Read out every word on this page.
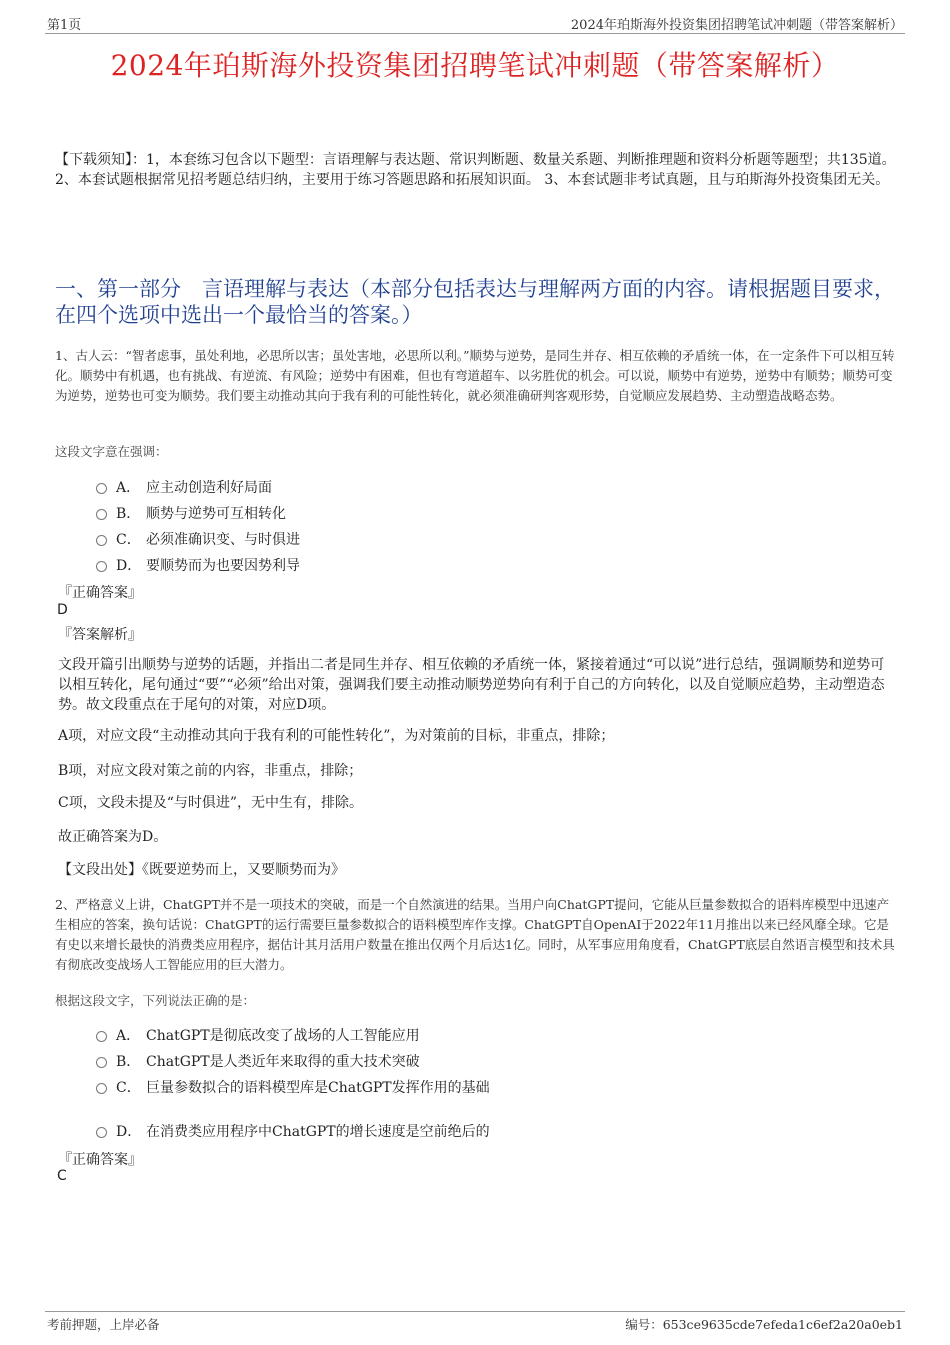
第1页	2024年珀斯海外投资集团招聘笔试冲刺题（带答案解析）
2024年珀斯海外投资集团招聘笔试冲刺题（带答案解析）
【下载须知】：1，本套练习包含以下题型：言语理解与表达题、常识判断题、数量关系题、判断推理题和资料分析题等题型；共135道。 2、本套试题根据常见招考题总结归纳，主要用于练习答题思路和拓展知识面。 3、本套试题非考试真题，且与珀斯海外投资集团无关。
一、第一部分　言语理解与表达（本部分包括表达与理解两方面的内容。请根据题目要求，在四个选项中选出一个最恰当的答案。）
1、古人云：“智者虑事，虽处利地，必思所以害；虽处害地，必思所以利。”顺势与逆势，是同生并存、相互依赖的矛盾统一体，在一定条件下可以相互转化。顺势中有机遇，也有挑战、有逆流、有风险；逆势中有困难，但也有弯道超车、以劣胜优的机会。可以说，顺势中有逆势，逆势中有顺势；顺势可变为逆势，逆势也可变为顺势。我们要主动推动其向于我有利的可能性转化，就必须准确研判客观形势，自觉顺应发展趋势、主动塑造战略态势。
这段文字意在强调：
A． 应主动创造利好局面
B． 顺势与逆势可互相转化
C． 必须准确识变、与时俱进
D． 要顺势而为也要因势利导
『正确答案』
D
『答案解析』
文段开篇引出顺势与逆势的话题，并指出二者是同生并存、相互依赖的矛盾统一体，紧接着通过“可以说”进行总结，强调顺势和逆势可以相互转化，尾句通过“要”“必须”给出对策，强调我们要主动推动顺势逆势向有利于自己的方向转化，以及自觉顺应趋势，主动塑造态势。故文段重点在于尾句的对策，对应D项。
A项，对应文段“主动推动其向于我有利的可能性转化”，为对策前的目标，非重点，排除；
B项，对应文段对策之前的内容，非重点，排除；
C项，文段未提及“与时俱进”，无中生有，排除。
故正确答案为D。
【文段出处】《既要逆势而上，又要顺势而为》
2、严格意义上讲，ChatGPT并不是一项技术的突破，而是一个自然演进的结果。当用户向ChatGPT提问，它能从巨量参数拟合的语料库模型中迅速产生相应的答案，换句话说：ChatGPT的运行需要巨量参数拟合的语料模型库作支撑。ChatGPT自OpenAI于2022年11月推出以来已经风靡全球。它是有史以来增长最快的消费类应用程序，据估计其月活用户数量在推出仅两个月后达1亿。同时，从军事应用角度看，ChatGPT底层自然语言模型和技术具有彻底改变战场人工智能应用的巨大潜力。
根据这段文字，下列说法正确的是：
A． ChatGPT是彻底改变了战场的人工智能应用
B． ChatGPT是人类近年来取得的重大技术突破
C． 巨量参数拟合的语料模型库是ChatGPT发挥作用的基础
D． 在消费类应用程序中ChatGPT的增长速度是空前绝后的
『正确答案』
C
考前押题，上岸必备	编号：653ce9635cde7efeda1c6ef2a20a0eb1
